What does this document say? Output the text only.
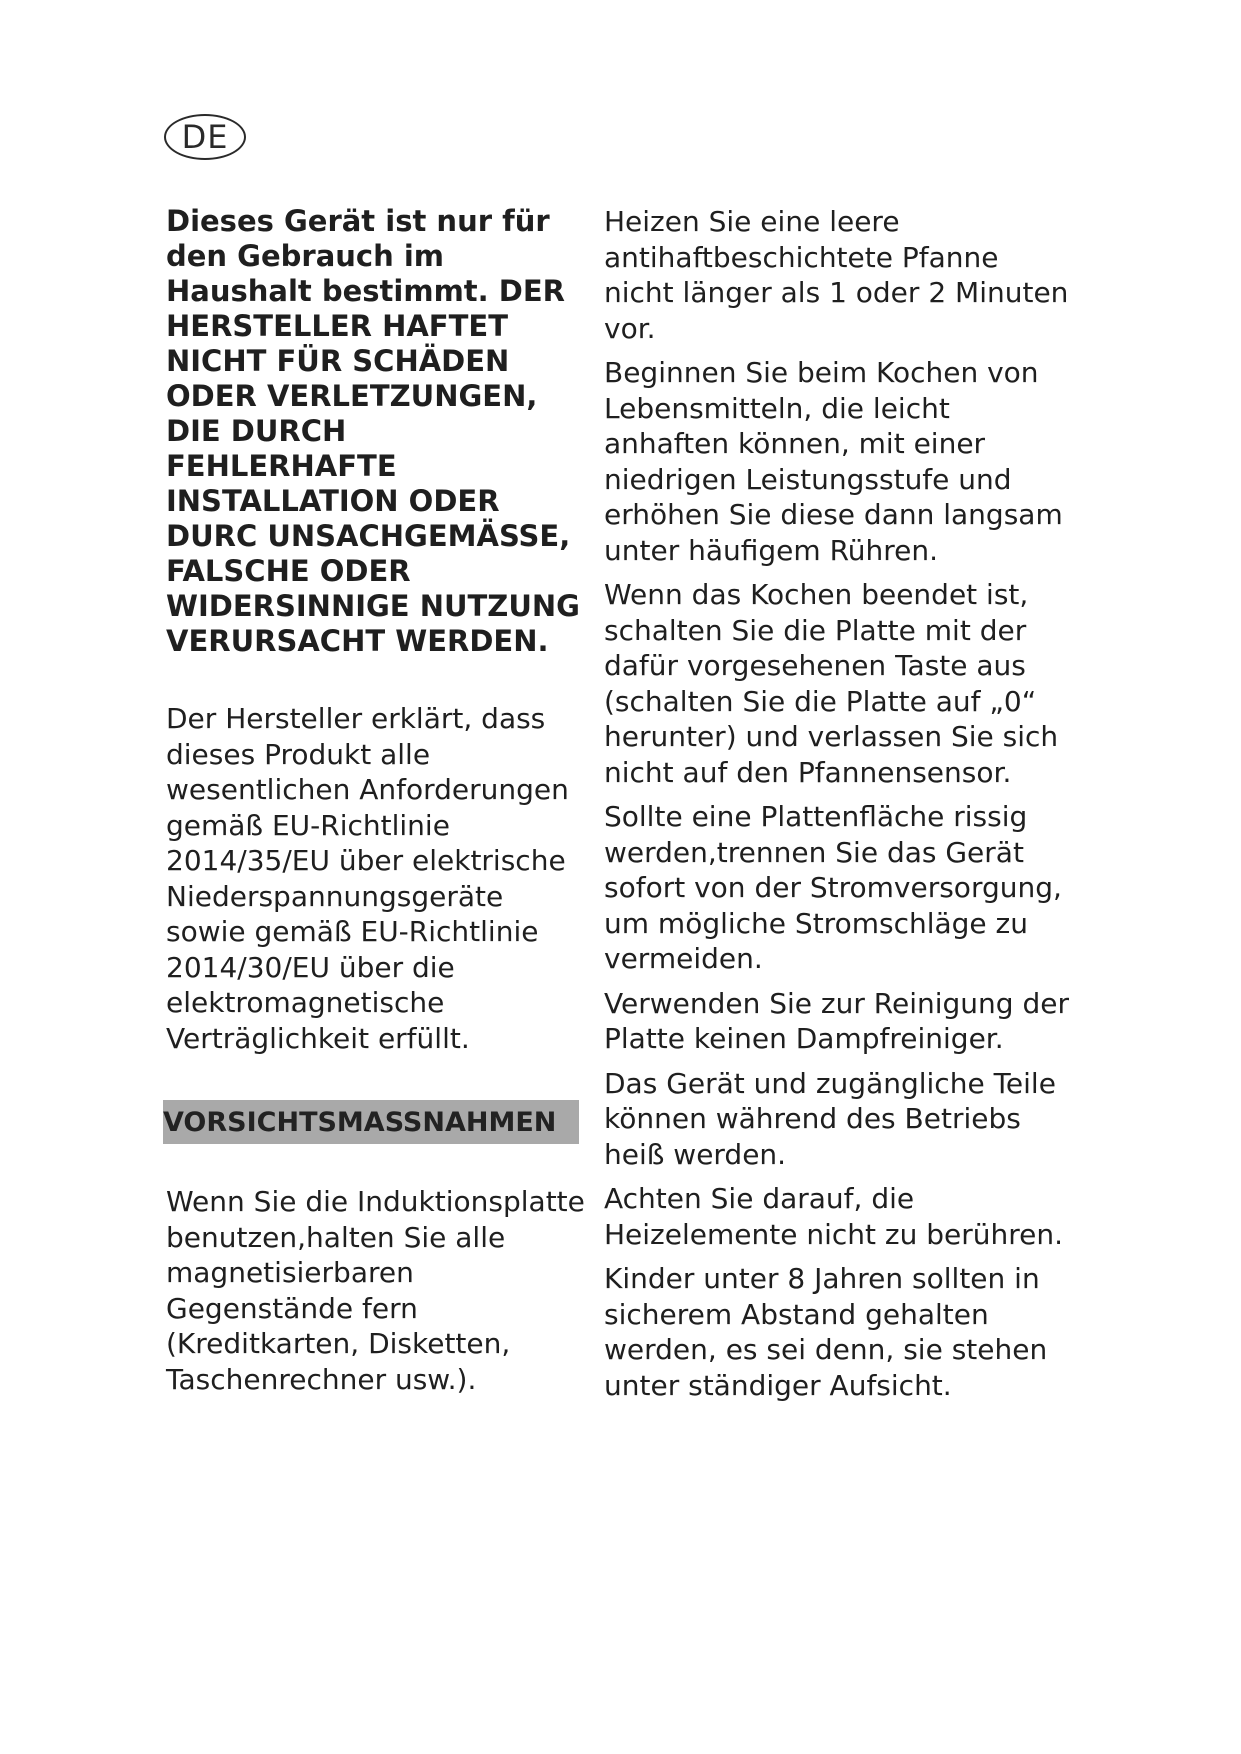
DE

Dieses Gerät ist nur für den Gebrauch im Haushalt bestimmt. DER HERSTELLER HAFTET NICHT FÜR SCHÄDEN ODER VERLETZUNGEN, DIE DURCH FEHLERHAFTE INSTALLATION ODER DURC UNSACHGEMÄSSE, FALSCHE ODER WIDERSINNIGE NUTZUNG VERURSACHT WERDEN.

Der Hersteller erklärt, dass dieses Produkt alle wesentlichen Anforderungen gemäß EU-Richtlinie 2014/35/EU über elektrische Niederspannungsgeräte sowie gemäß EU-Richtlinie 2014/30/EU über die elektromagnetische Verträglichkeit erfüllt.

VORSICHTSMASSNAHMEN

Wenn Sie die Induktionsplatte benutzen,halten Sie alle magnetisierbaren Gegenstände fern (Kreditkarten, Disketten, Taschenrechner usw.).

Heizen Sie eine leere antihaftbeschichtete Pfanne nicht länger als 1 oder 2 Minuten vor.

Beginnen Sie beim Kochen von Lebensmitteln, die leicht anhaften können, mit einer niedrigen Leistungsstufe und erhöhen Sie diese dann langsam unter häufigem Rühren.

Wenn das Kochen beendet ist, schalten Sie die Platte mit der dafür vorgesehenen Taste aus (schalten Sie die Platte auf „0“ herunter) und verlassen Sie sich nicht auf den Pfannensensor.

Sollte eine Plattenfläche rissig werden,trennen Sie das Gerät sofort von der Stromversorgung, um mögliche Stromschläge zu vermeiden.

Verwenden Sie zur Reinigung der Platte keinen Dampfreiniger.

Das Gerät und zugängliche Teile können während des Betriebs heiß werden.

Achten Sie darauf, die Heizelemente nicht zu berühren.

Kinder unter 8 Jahren sollten in sicherem Abstand gehalten werden, es sei denn, sie stehen unter ständiger Aufsicht.
